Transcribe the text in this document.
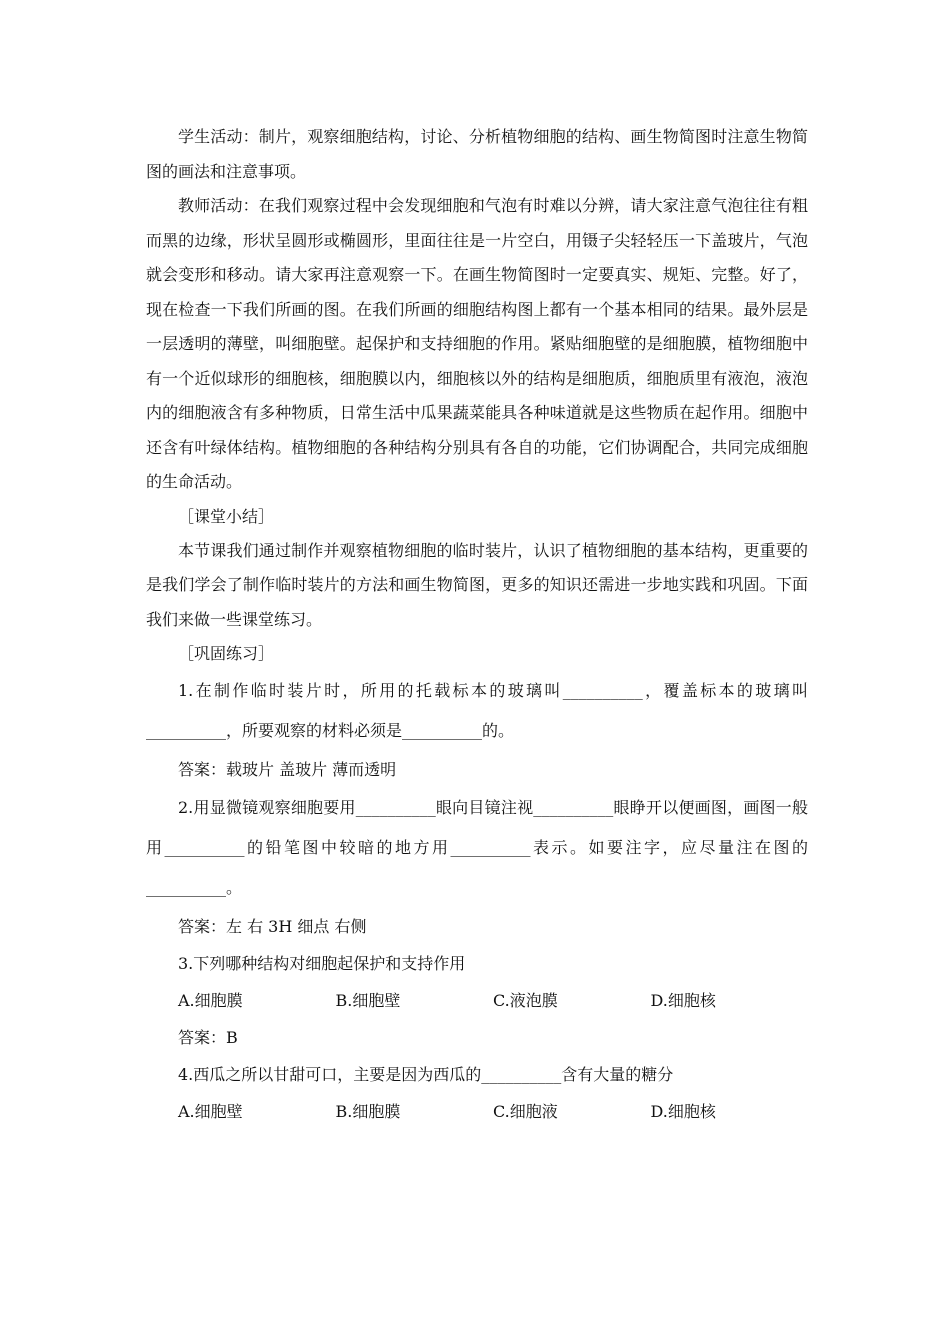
学生活动：制片，观察细胞结构，讨论、分析植物细胞的结构、画生物简图时注意生物简图的画法和注意事项。

教师活动：在我们观察过程中会发现细胞和气泡有时难以分辨，请大家注意气泡往往有粗而黑的边缘，形状呈圆形或椭圆形，里面往往是一片空白，用镊子尖轻轻压一下盖玻片，气泡就会变形和移动。请大家再注意观察一下。在画生物简图时一定要真实、规矩、完整。好了，现在检查一下我们所画的图。在我们所画的细胞结构图上都有一个基本相同的结果。最外层是一层透明的薄壁，叫细胞壁。起保护和支持细胞的作用。紧贴细胞壁的是细胞膜，植物细胞中有一个近似球形的细胞核，细胞膜以内，细胞核以外的结构是细胞质，细胞质里有液泡，液泡内的细胞液含有多种物质，日常生活中瓜果蔬菜能具各种味道就是这些物质在起作用。细胞中还含有叶绿体结构。植物细胞的各种结构分别具有各自的功能，它们协调配合，共同完成细胞的生命活动。

［课堂小结］

本节课我们通过制作并观察植物细胞的临时装片，认识了植物细胞的基本结构，更重要的是我们学会了制作临时装片的方法和画生物简图，更多的知识还需进一步地实践和巩固。下面我们来做一些课堂练习。

［巩固练习］

1.在制作临时装片时，所用的托载标本的玻璃叫__________，覆盖标本的玻璃叫__________，所要观察的材料必须是__________的。

答案：载玻片 盖玻片 薄而透明

2.用显微镜观察细胞要用__________眼向目镜注视__________眼睁开以便画图，画图一般用__________的铅笔图中较暗的地方用__________表示。如要注字，应尽量注在图的__________。

答案：左 右 3H 细点 右侧

3.下列哪种结构对细胞起保护和支持作用

A.细胞膜	B.细胞壁	C.液泡膜	D.细胞核

答案：B

4.西瓜之所以甘甜可口，主要是因为西瓜的__________含有大量的糖分

A.细胞壁	B.细胞膜	C.细胞液	D.细胞核
